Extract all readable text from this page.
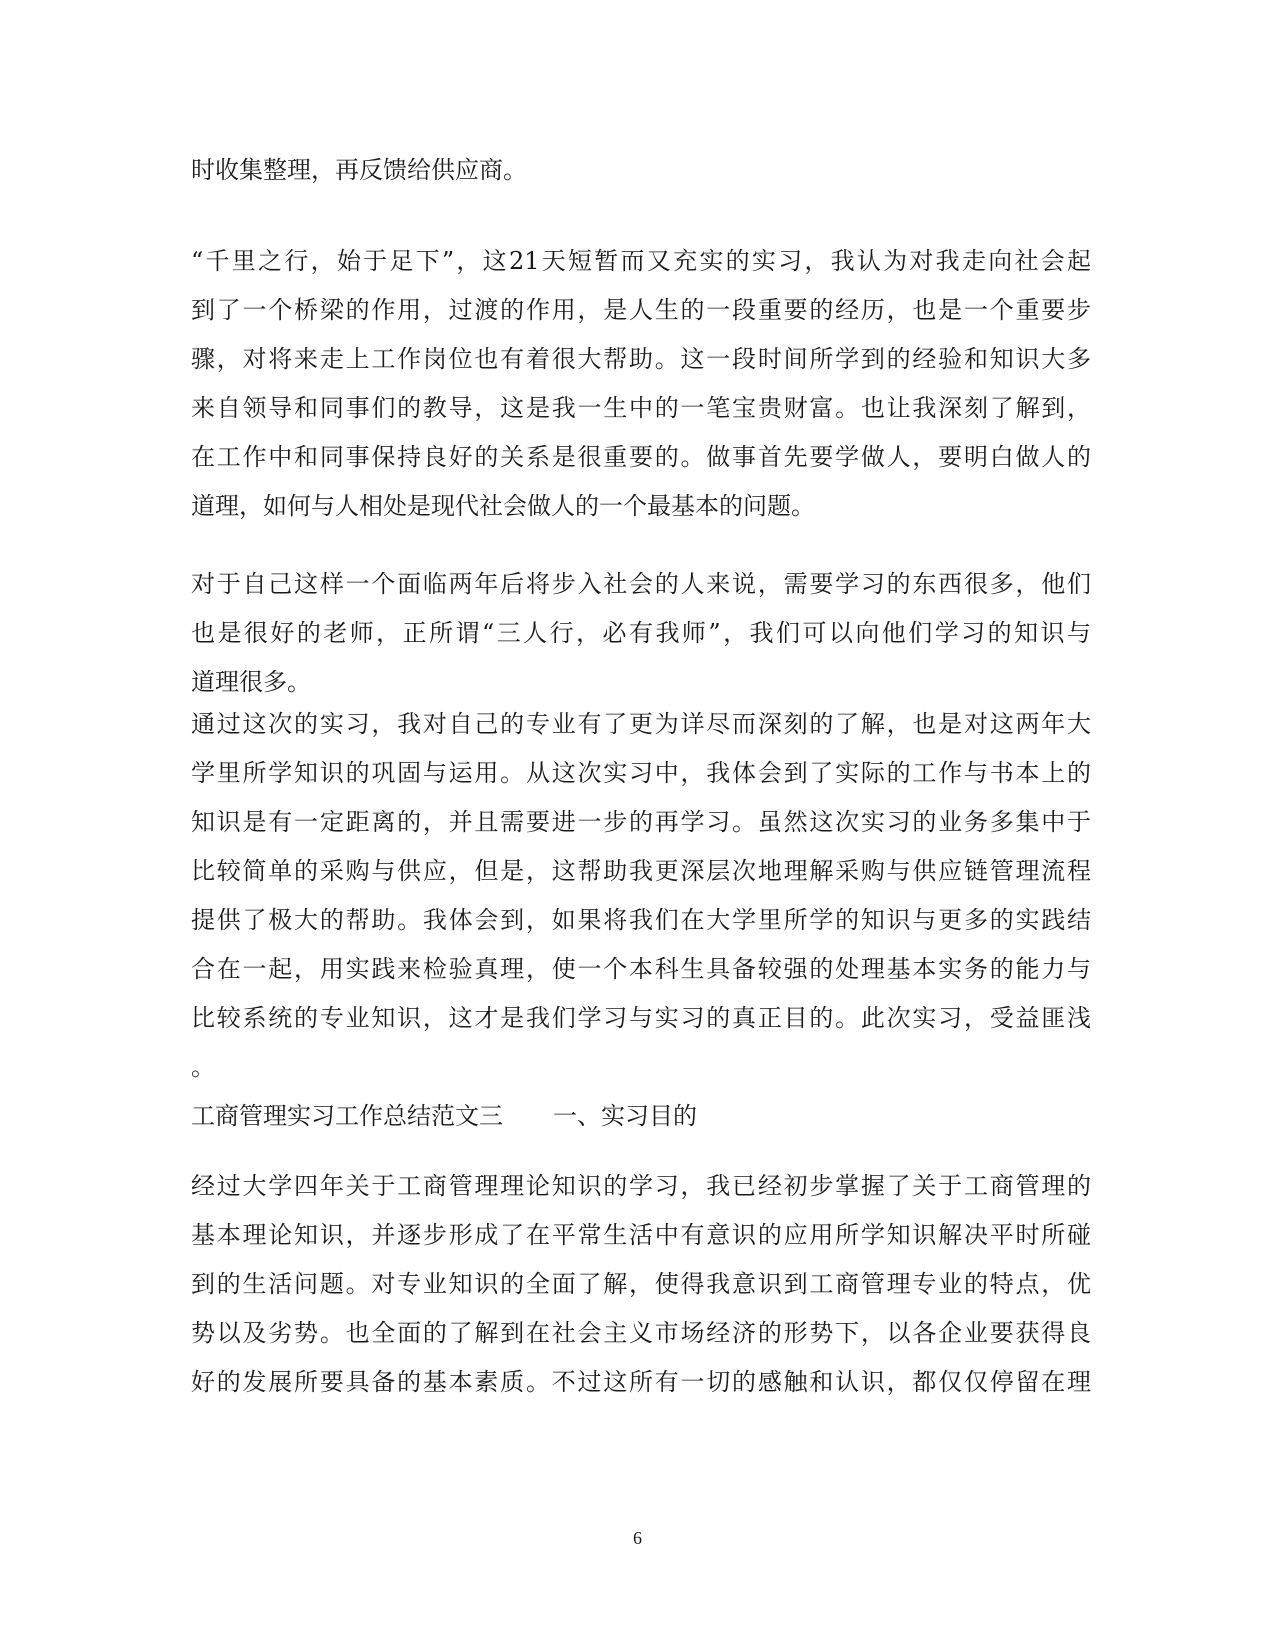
时收集整理，再反馈给供应商。
“千里之行，始于足下”，这21天短暂而又充实的实习，我认为对我走向社会起
到了一个桥梁的作用，过渡的作用，是人生的一段重要的经历，也是一个重要步
骤，对将来走上工作岗位也有着很大帮助。这一段时间所学到的经验和知识大多
来自领导和同事们的教导，这是我一生中的一笔宝贵财富。也让我深刻了解到，
在工作中和同事保持良好的关系是很重要的。做事首先要学做人，要明白做人的
道理，如何与人相处是现代社会做人的一个最基本的问题。
对于自己这样一个面临两年后将步入社会的人来说，需要学习的东西很多，他们
也是很好的老师，正所谓“三人行，必有我师”，我们可以向他们学习的知识与
道理很多。
通过这次的实习，我对自己的专业有了更为详尽而深刻的了解，也是对这两年大
学里所学知识的巩固与运用。从这次实习中，我体会到了实际的工作与书本上的
知识是有一定距离的，并且需要进一步的再学习。虽然这次实习的业务多集中于
比较简单的采购与供应，但是，这帮助我更深层次地理解采购与供应链管理流程
提供了极大的帮助。我体会到，如果将我们在大学里所学的知识与更多的实践结
合在一起，用实践来检验真理，使一个本科生具备较强的处理基本实务的能力与
比较系统的专业知识，这才是我们学习与实习的真正目的。此次实习，受益匪浅
。
工商管理实习工作总结范文三 一、实习目的
经过大学四年关于工商管理理论知识的学习，我已经初步掌握了关于工商管理的
基本理论知识，并逐步形成了在平常生活中有意识的应用所学知识解决平时所碰
到的生活问题。对专业知识的全面了解，使得我意识到工商管理专业的特点，优
势以及劣势。也全面的了解到在社会主义市场经济的形势下，以各企业要获得良
好的发展所要具备的基本素质。不过这所有一切的感触和认识，都仅仅停留在理
6
